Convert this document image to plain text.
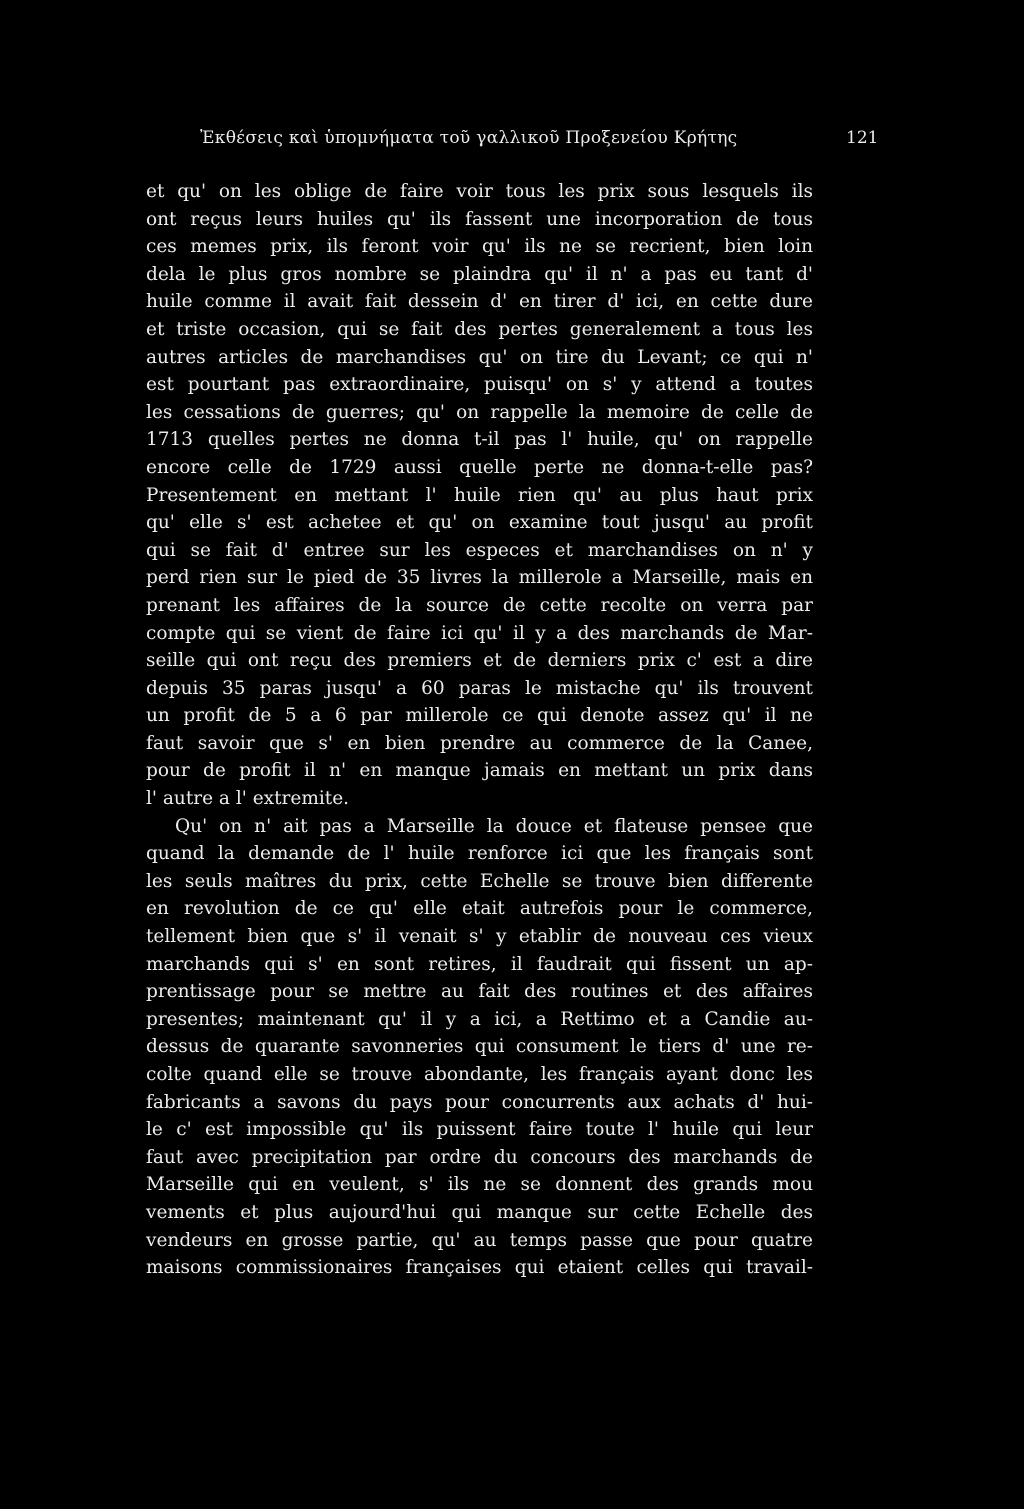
Ἐκθέσεις καὶ ὑπομνήματα τοῦ γαλλικοῦ Προξενείου Κρήτης	121
et qu' on les oblige de faire voir tous les prix sous lesquels ils
ont reçus leurs huiles qu' ils fassent une incorporation de tous
ces memes prix, ils feront voir qu' ils ne se recrient, bien loin
dela le plus gros nombre se plaindra qu' il n' a pas eu tant d'
huile comme il avait fait dessein d' en tirer d' ici, en cette dure
et triste occasion, qui se fait des pertes generalement a tous les
autres articles de marchandises qu' on tire du Levant; ce qui n'
est pourtant pas extraordinaire, puisqu' on s' y attend a toutes
les cessations de guerres; qu' on rappelle la memoire de celle de
1713 quelles pertes ne donna t-il pas l' huile, qu' on rappelle
encore celle de 1729 aussi quelle perte ne donna-t-elle pas?
Presentement en mettant l' huile rien qu' au plus haut prix
qu' elle s' est achetee et qu' on examine tout jusqu' au profit
qui se fait d' entree sur les especes et marchandises on n' y
perd rien sur le pied de 35 livres la millerole a Marseille, mais en
prenant les affaires de la source de cette recolte on verra par
compte qui se vient de faire ici qu' il y a des marchands de Mar-
seille qui ont reçu des premiers et de derniers prix c' est a dire
depuis 35 paras jusqu' a 60 paras le mistache qu' ils trouvent
un profit de 5 a 6 par millerole ce qui denote assez qu' il ne
faut savoir que s' en bien prendre au commerce de la Canee,
pour de profit il n' en manque jamais en mettant un prix dans
l' autre a l' extremite.
Qu' on n' ait pas a Marseille la douce et flateuse pensee que
quand la demande de l' huile renforce ici que les français sont
les seuls maîtres du prix, cette Echelle se trouve bien differente
en revolution de ce qu' elle etait autrefois pour le commerce,
tellement bien que s' il venait s' y etablir de nouveau ces vieux
marchands qui s' en sont retires, il faudrait qui fissent un ap-
prentissage pour se mettre au fait des routines et des affaires
presentes; maintenant qu' il y a ici, a Rettimo et a Candie au-
dessus de quarante savonneries qui consument le tiers d' une re-
colte quand elle se trouve abondante, les français ayant donc les
fabricants a savons du pays pour concurrents aux achats d' hui-
le c' est impossible qu' ils puissent faire toute l' huile qui leur
faut avec precipitation par ordre du concours des marchands de
Marseille qui en veulent, s' ils ne se donnent des grands mou
vements et plus aujourd'hui qui manque sur cette Echelle des
vendeurs en grosse partie, qu' au temps passe que pour quatre
maisons commissionaires françaises qui etaient celles qui travail-
